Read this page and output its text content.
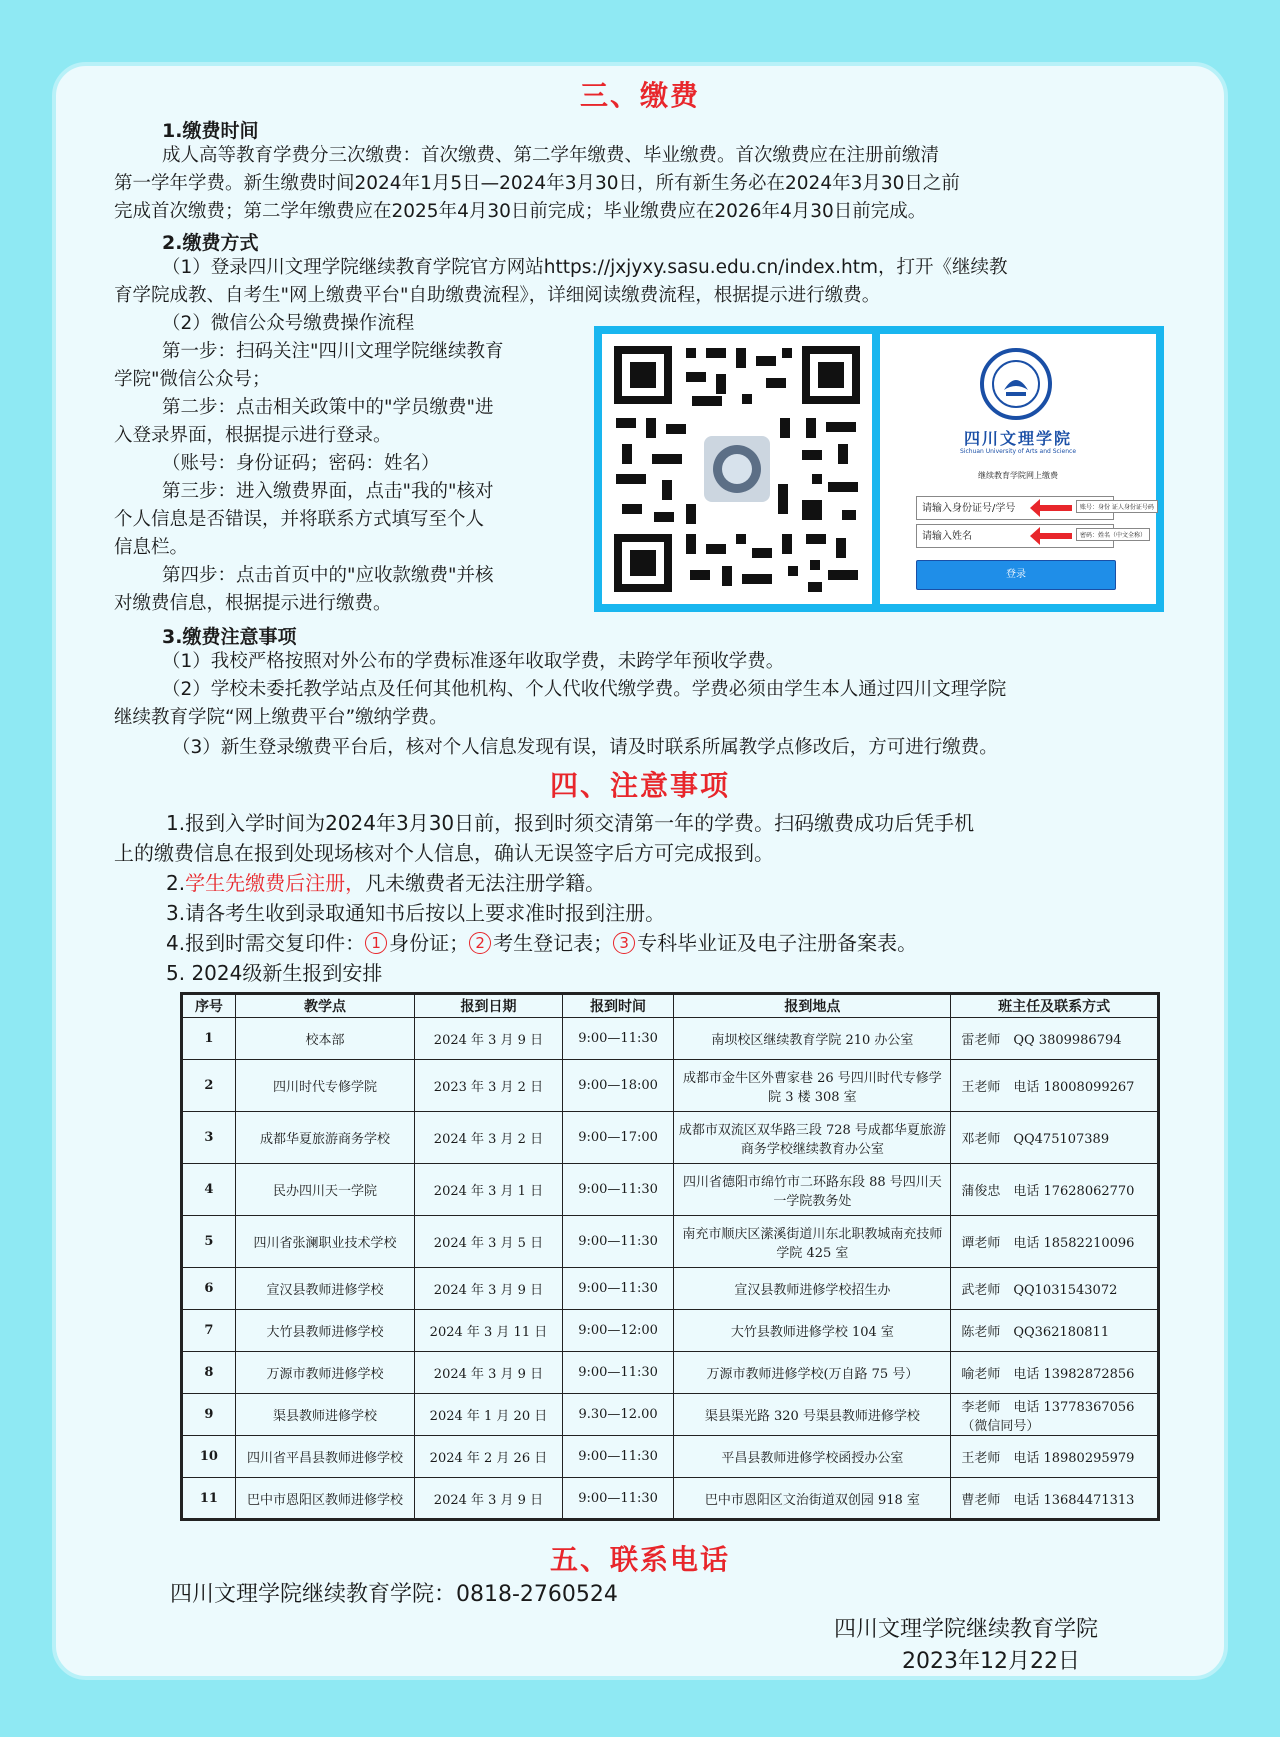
三、缴费
1.缴费时间
成人高等教育学费分三次缴费：首次缴费、第二学年缴费、毕业缴费。首次缴费应在注册前缴清
第一学年学费。新生缴费时间2024年1月5日—2024年3月30日，所有新生务必在2024年3月30日之前
完成首次缴费；第二学年缴费应在2025年4月30日前完成；毕业缴费应在2026年4月30日前完成。
2.缴费方式
（1）登录四川文理学院继续教育学院官方网站https://jxjyxy.sasu.edu.cn/index.htm，打开《继续教
育学院成教、自考生"网上缴费平台"自助缴费流程》，详细阅读缴费流程，根据提示进行缴费。
（2）微信公众号缴费操作流程
第一步：扫码关注"四川文理学院继续教育
学院"微信公众号；
第二步：点击相关政策中的"学员缴费"进
入登录界面，根据提示进行登录。
（账号：身份证码；密码：姓名）
第三步：进入缴费界面，点击"我的"核对
个人信息是否错误，并将联系方式填写至个人
信息栏。
第四步：点击首页中的"应收款缴费"并核
对缴费信息，根据提示进行缴费。
四川文理学院
Sichuan University of Arts and Science
继续教育学院网上缴费
请输入身份证号/学号	账号：身份 证人身份证号码
请输入姓名	密码：姓名（中文全称）
登录
3.缴费注意事项
（1）我校严格按照对外公布的学费标准逐年收取学费，未跨学年预收学费。
（2）学校未委托教学站点及任何其他机构、个人代收代缴学费。学费必须由学生本人通过四川文理学院
继续教育学院“网上缴费平台”缴纳学费。
（3）新生登录缴费平台后，核对个人信息发现有误，请及时联系所属教学点修改后，方可进行缴费。
四、注意事项
1.报到入学时间为2024年3月30日前，报到时须交清第一年的学费。扫码缴费成功后凭手机
上的缴费信息在报到处现场核对个人信息，确认无误签字后方可完成报到。
2.学生先缴费后注册，凡未缴费者无法注册学籍。
3.请各考生收到录取通知书后按以上要求准时报到注册。
4.报到时需交复印件： 1 身份证； 2 考生登记表； 3 专科毕业证及电子注册备案表。
5. 2024级新生报到安排
序号	教学点	报到日期	报到时间	报到地点	班主任及联系方式
1	校本部	2024 年 3 月 9 日	9:00—11:30	南坝校区继续教育学院 210 办公室	雷老师　QQ 3809986794
2	四川时代专修学院	2023 年 3 月 2 日	9:00—18:00	成都市金牛区外曹家巷 26 号四川时代专修学院 3 楼 308 室	王老师　电话 18008099267
3	成都华夏旅游商务学校	2024 年 3 月 2 日	9:00—17:00	成都市双流区双华路三段 728 号成都华夏旅游商务学校继续教育办公室	邓老师　QQ475107389
4	民办四川天一学院	2024 年 3 月 1 日	9:00—11:30	四川省德阳市绵竹市二环路东段 88 号四川天一学院教务处	蒲俊忠　电话 17628062770
5	四川省张澜职业技术学校	2024 年 3 月 5 日	9:00—11:30	南充市顺庆区潆溪街道川东北职教城南充技师学院 425 室	谭老师　电话 18582210096
6	宣汉县教师进修学校	2024 年 3 月 9 日	9:00—11:30	宣汉县教师进修学校招生办	武老师　QQ1031543072
7	大竹县教师进修学校	2024 年 3 月 11 日	9:00—12:00	大竹县教师进修学校 104 室	陈老师　QQ362180811
8	万源市教师进修学校	2024 年 3 月 9 日	9:00—11:30	万源市教师进修学校(万自路 75 号）	喻老师　电话 13982872856
9	渠县教师进修学校	2024 年 1 月 20 日	9.30—12.00	渠县渠光路 320 号渠县教师进修学校	李老师　电话 13778367056（微信同号）
10	四川省平昌县教师进修学校	2024 年 2 月 26 日	9:00—11:30	平昌县教师进修学校函授办公室	王老师　电话 18980295979
11	巴中市恩阳区教师进修学校	2024 年 3 月 9 日	9:00—11:30	巴中市恩阳区文治街道双创园 918 室	曹老师　电话 13684471313
五、联系电话
四川文理学院继续教育学院：0818-2760524
四川文理学院继续教育学院
2023年12月22日
